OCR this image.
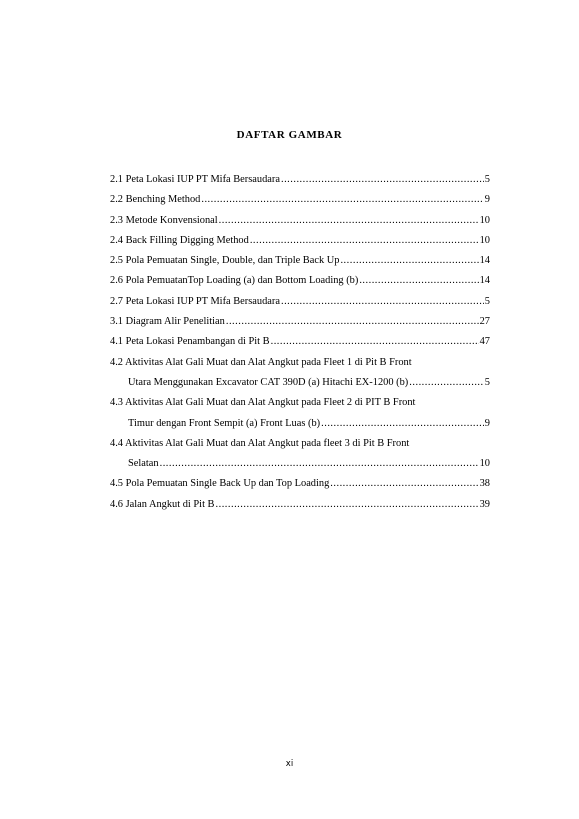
DAFTAR GAMBAR
2.1 Peta Lokasi IUP PT Mifa Bersaudara .....	5
2.2 Benching Method .....	9
2.3 Metode Konvensional .....	10
2.4 Back Filling Digging Method .....	10
2.5 Pola Pemuatan Single, Double, dan Triple Back Up .....	14
2.6 Pola PemuatanTop Loading (a) dan Bottom Loading (b) .....	14
2.7 Peta Lokasi IUP PT Mifa Bersaudara .....	5
3.1 Diagram Alir Penelitian .....	27
4.1 Peta Lokasi Penambangan di Pit B .....	47
4.2 Aktivitas Alat Gali Muat dan Alat Angkut pada Fleet 1 di Pit B Front
Utara Menggunakan Excavator CAT 390D (a) Hitachi EX-1200 (b) .....	5
4.3 Aktivitas Alat Gali Muat dan Alat Angkut pada Fleet 2 di PIT B Front
Timur dengan Front Sempit (a) Front Luas (b) .....	9
4.4 Aktivitas Alat Gali Muat dan Alat Angkut pada fleet 3 di Pit B Front
Selatan .....	10
4.5 Pola Pemuatan Single Back Up dan Top Loading .....	38
4.6 Jalan Angkut di Pit B .....	39
xi
